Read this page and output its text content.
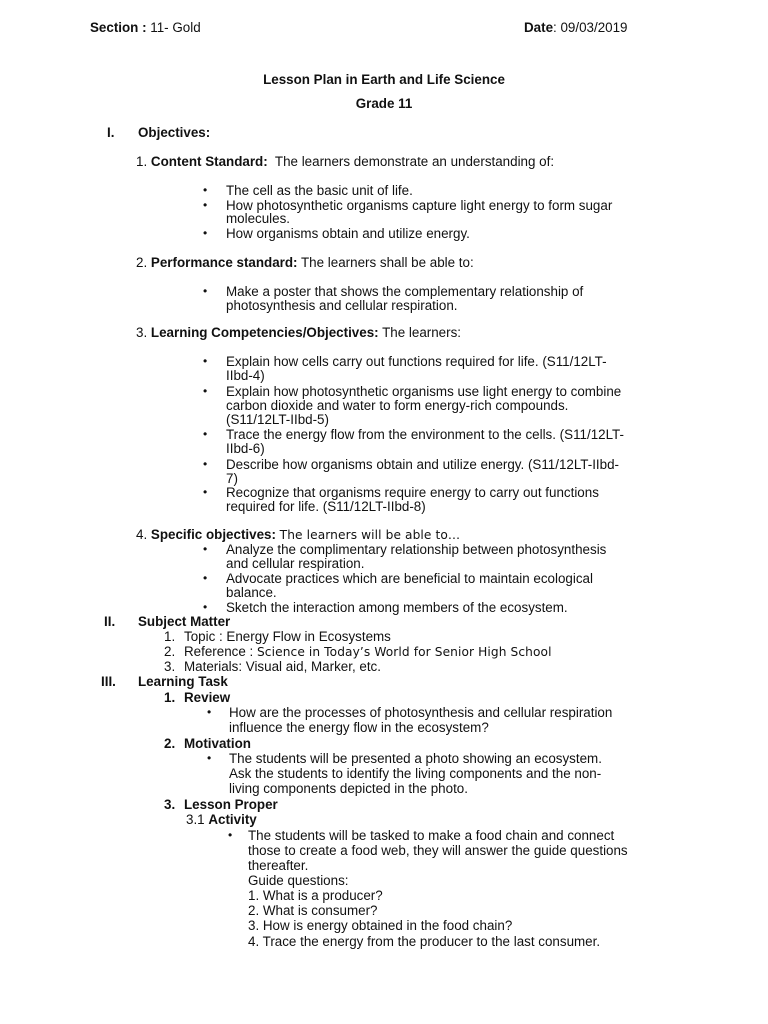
Section : 11- Gold	Date: 09/03/2019
Lesson Plan in Earth and Life Science
Grade 11
I. Objectives:
1. Content Standard: The learners demonstrate an understanding of:
• The cell as the basic unit of life.
• How photosynthetic organisms capture light energy to form sugar
molecules.
• How organisms obtain and utilize energy.
2. Performance standard: The learners shall be able to:
• Make a poster that shows the complementary relationship of
photosynthesis and cellular respiration.
3. Learning Competencies/Objectives: The learners:
• Explain how cells carry out functions required for life. (S11/12LT-
IIbd-4)
• Explain how photosynthetic organisms use light energy to combine
carbon dioxide and water to form energy-rich compounds.
(S11/12LT-IIbd-5)
• Trace the energy flow from the environment to the cells. (S11/12LT-
IIbd-6)
• Describe how organisms obtain and utilize energy. (S11/12LT-IIbd-
7)
• Recognize that organisms require energy to carry out functions
required for life. (S11/12LT-IIbd-8)
4. Specific objectives: The learners will be able to…
• Analyze the complimentary relationship between photosynthesis
and cellular respiration.
• Advocate practices which are beneficial to maintain ecological
balance.
• Sketch the interaction among members of the ecosystem.
II. Subject Matter
1. Topic : Energy Flow in Ecosystems
2. Reference : Science in Today’s World for Senior High School
3. Materials: Visual aid, Marker, etc.
III. Learning Task
1. Review
• How are the processes of photosynthesis and cellular respiration
influence the energy flow in the ecosystem?
2. Motivation
• The students will be presented a photo showing an ecosystem.
Ask the students to identify the living components and the non-
living components depicted in the photo.
3. Lesson Proper
3.1 Activity
• The students will be tasked to make a food chain and connect
those to create a food web, they will answer the guide questions
thereafter.
Guide questions:
1. What is a producer?
2. What is consumer?
3. How is energy obtained in the food chain?
4. Trace the energy from the producer to the last consumer.
